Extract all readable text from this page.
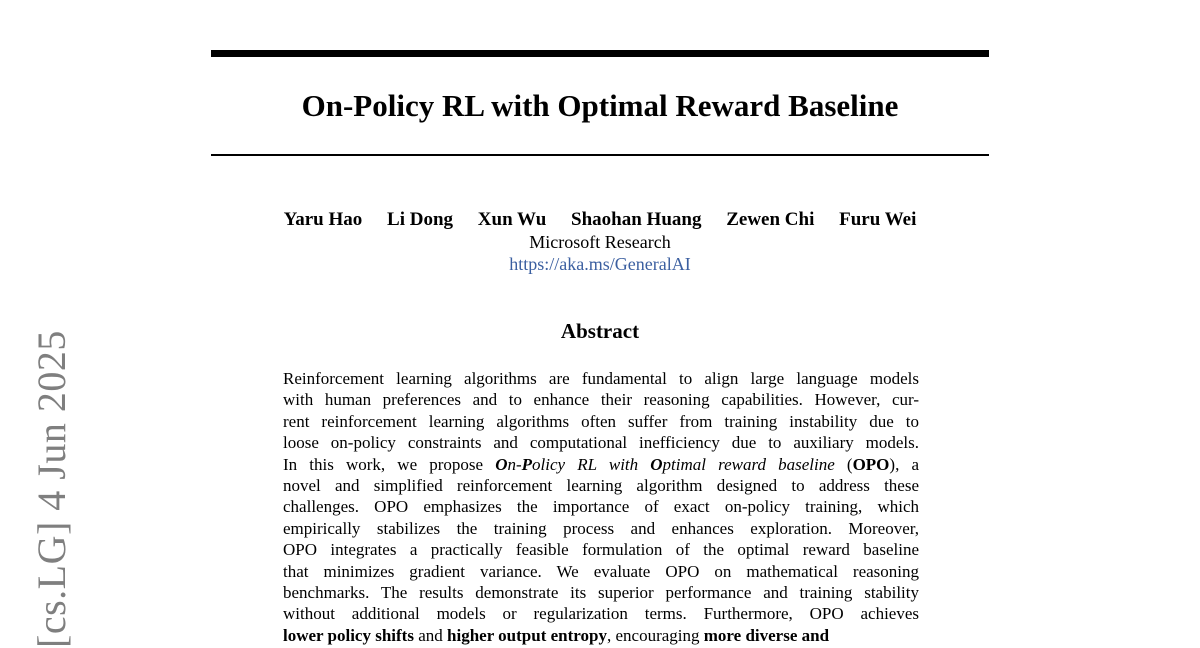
On-Policy RL with Optimal Reward Baseline
Yaru Hao Li Dong Xun Wu Shaohan Huang Zewen Chi Furu Wei
Microsoft Research
https://aka.ms/GeneralAI
Abstract
Reinforcement learning algorithms are fundamental to align large language models
with human preferences and to enhance their reasoning capabilities. However, cur-
rent reinforcement learning algorithms often suffer from training instability due to
loose on-policy constraints and computational inefficiency due to auxiliary models.
In this work, we propose On-Policy RL with Optimal reward baseline (OPO), a
novel and simplified reinforcement learning algorithm designed to address these
challenges. OPO emphasizes the importance of exact on-policy training, which
empirically stabilizes the training process and enhances exploration. Moreover,
OPO integrates a practically feasible formulation of the optimal reward baseline
that minimizes gradient variance. We evaluate OPO on mathematical reasoning
benchmarks. The results demonstrate its superior performance and training stability
without additional models or regularization terms. Furthermore, OPO achieves
lower policy shifts and higher output entropy, encouraging more diverse and
[cs.LG] 4 Jun 2025
